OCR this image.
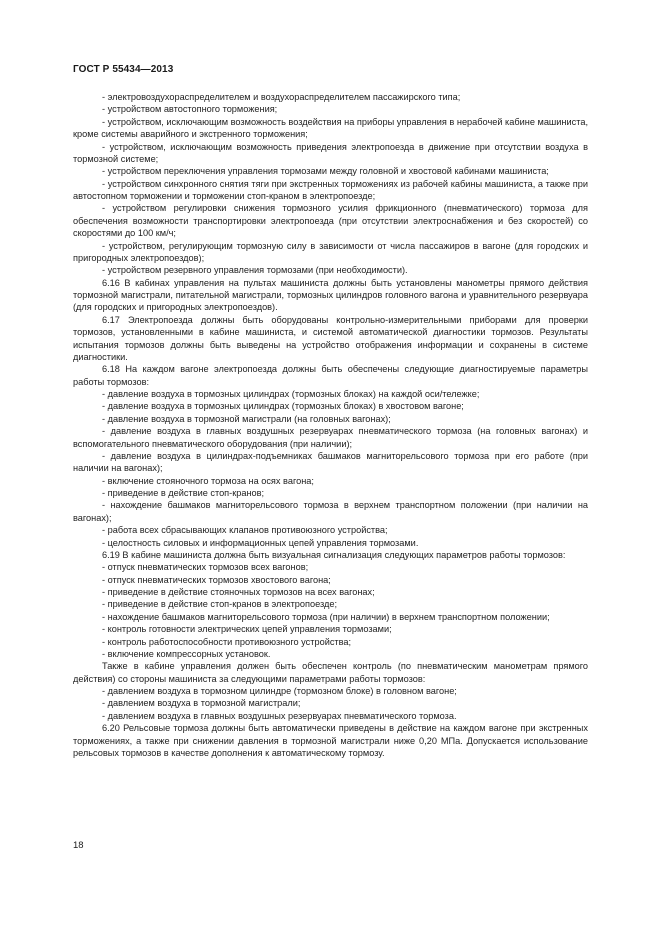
ГОСТ Р 55434—2013

- электровоздухораспределителем и воздухораспределителем пассажирского типа;

- устройством автостопного торможения;

- устройством, исключающим возможность воздействия на приборы управления в нерабочей кабине машиниста, кроме системы аварийного и экстренного торможения;

- устройством, исключающим возможность приведения электропоезда в движение при отсутствии воздуха в тормозной системе;

- устройством переключения управления тормозами между головной и хвостовой кабинами машиниста;

- устройством синхронного снятия тяги при экстренных торможениях из рабочей кабины машиниста, а также при автостопном торможении и торможении стоп-краном в электропоезде;

- устройством регулировки снижения тормозного усилия фрикционного (пневматического) тормоза для обеспечения возможности транспортировки электропоезда (при отсутствии электроснабжения и без скоростей) со скоростями до 100 км/ч;

- устройством, регулирующим тормозную силу в зависимости от числа пассажиров в вагоне (для городских и пригородных электропоездов);

- устройством резервного управления тормозами (при необходимости).

6.16 В кабинах управления на пультах машиниста должны быть установлены манометры прямого действия тормозной магистрали, питательной магистрали, тормозных цилиндров головного вагона и уравнительного резервуара (для городских и пригородных электропоездов).

6.17 Электропоезда должны быть оборудованы контрольно-измерительными приборами для проверки тормозов, установленными в кабине машиниста, и системой автоматической диагностики тормозов. Результаты испытания тормозов должны быть выведены на устройство отображения информации и сохранены в системе диагностики.

6.18 На каждом вагоне электропоезда должны быть обеспечены следующие диагностируемые параметры работы тормозов:

- давление воздуха в тормозных цилиндрах (тормозных блоках) на каждой оси/тележке;

- давление воздуха в тормозных цилиндрах (тормозных блоках) в хвостовом вагоне;

- давление воздуха в тормозной магистрали (на головных вагонах);

- давление воздуха в главных воздушных резервуарах пневматического тормоза (на головных вагонах) и вспомогательного пневматического оборудования (при наличии);

- давление воздуха в цилиндрах-подъемниках башмаков магниторельсового тормоза при его работе (при наличии на вагонах);

- включение стояночного тормоза на осях вагона;

- приведение в действие стоп-кранов;

- нахождение башмаков магниторельсового тормоза в верхнем транспортном положении (при наличии на вагонах);

- работа всех сбрасывающих клапанов противоюзного устройства;

- целостность силовых и информационных цепей управления тормозами.

6.19 В кабине машиниста должна быть визуальная сигнализация следующих параметров работы тормозов:

- отпуск пневматических тормозов всех вагонов;

- отпуск пневматических тормозов хвостового вагона;

- приведение в действие стояночных тормозов на всех вагонах;

- приведение в действие стоп-кранов в электропоезде;

- нахождение башмаков магниторельсового тормоза (при наличии) в верхнем транспортном положении;

- контроль готовности электрических цепей управления тормозами;

- контроль работоспособности противоюзного устройства;

- включение компрессорных установок.

Также в кабине управления должен быть обеспечен контроль (по пневматическим манометрам прямого действия) со стороны машиниста за следующими параметрами работы тормозов:

- давлением воздуха в тормозном цилиндре (тормозном блоке) в головном вагоне;

- давлением воздуха в тормозной магистрали;

- давлением воздуха в главных воздушных резервуарах пневматического тормоза.

6.20 Рельсовые тормоза должны быть автоматически приведены в действие на каждом вагоне при экстренных торможениях, а также при снижении давления в тормозной магистрали ниже 0,20 МПа. Допускается использование рельсовых тормозов в качестве дополнения к автоматическому тормозу.

18
